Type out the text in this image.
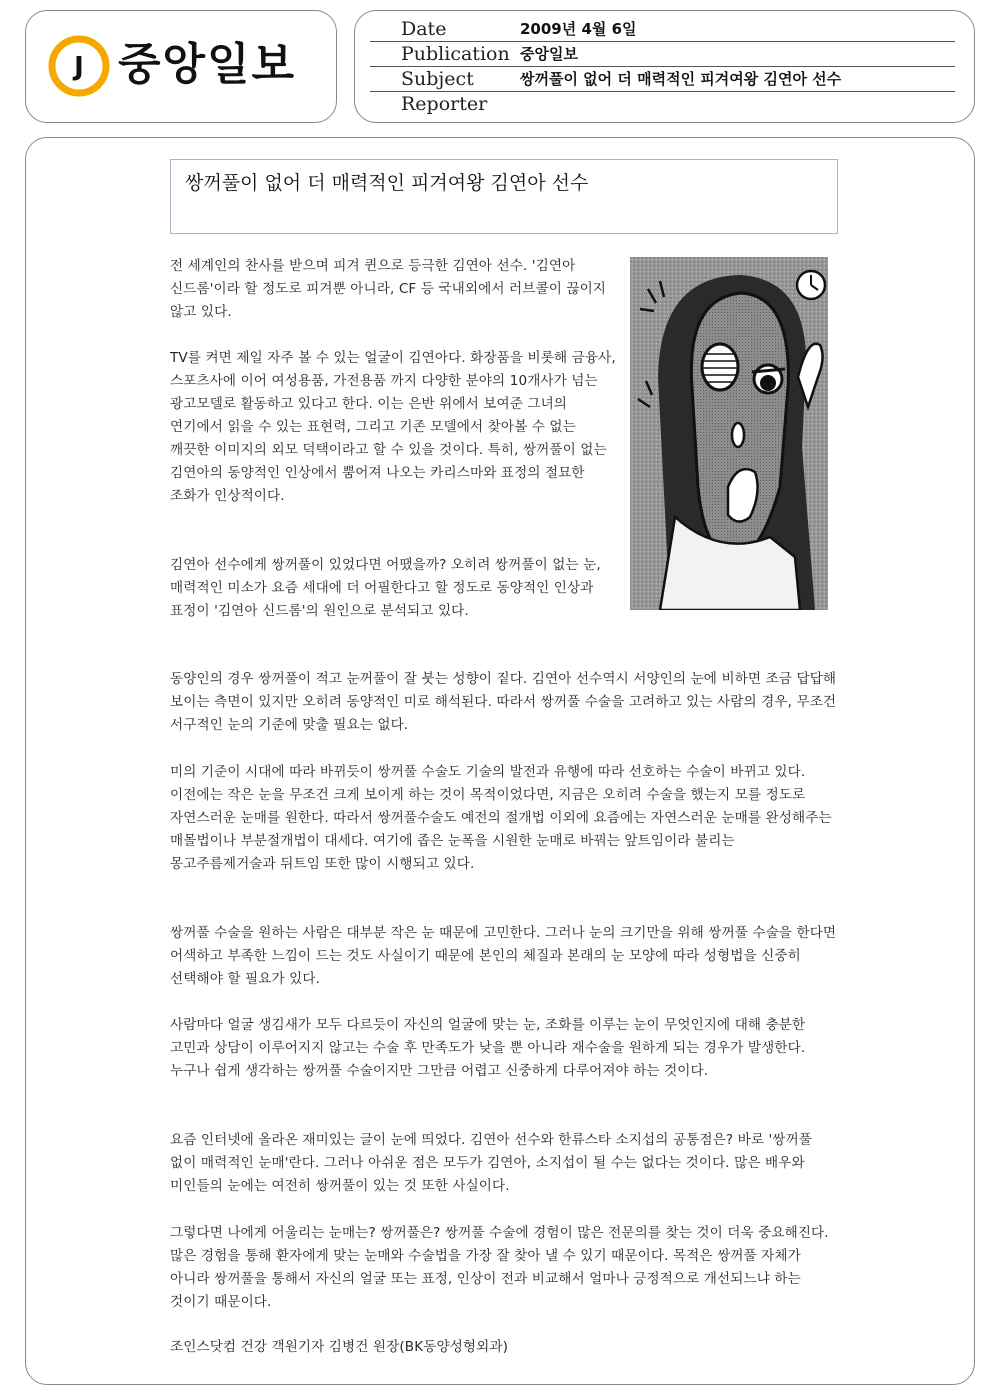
J 중앙일보
Date	2009년 4월 6일
Publication 중앙일보
Subject	쌍꺼풀이 없어 더 매력적인 피겨여왕 김연아 선수
Reporter
쌍꺼풀이 없어 더 매력적인 피겨여왕 김연아 선수

전 세계인의 찬사를 받으며 피겨 퀸으로 등극한 김연아 선수. '김연아 신드롬'이라 할 정도로 피겨뿐 아니라, CF 등 국내외에서 러브콜이 끊이지 않고 있다.

TV를 켜면 제일 자주 볼 수 있는 얼굴이 김연아다. 화장품을 비롯해 금융사, 스포츠사에 이어 여성용품, 가전용품 까지 다양한 분야의 10개사가 넘는 광고모델로 활동하고 있다고 한다. 이는 은반 위에서 보여준 그녀의 연기에서 읽을 수 있는 표현력, 그리고 기존 모델에서 찾아볼 수 없는 깨끗한 이미지의 외모 덕택이라고 할 수 있을 것이다. 특히, 쌍꺼풀이 없는 김연아의 동양적인 인상에서 뿜어져 나오는 카리스마와 표정의 절묘한 조화가 인상적이다.

김연아 선수에게 쌍꺼풀이 있었다면 어땠을까? 오히려 쌍꺼풀이 없는 눈, 매력적인 미소가 요즘 세대에 더 어필한다고 할 정도로 동양적인 인상과 표정이 '김연아 신드롬'의 원인으로 분석되고 있다.

동양인의 경우 쌍꺼풀이 적고 눈꺼풀이 잘 붓는 성향이 짙다. 김연아 선수역시 서양인의 눈에 비하면 조금 답답해 보이는 측면이 있지만 오히려 동양적인 미로 해석된다. 따라서 쌍꺼풀 수술을 고려하고 있는 사람의 경우, 무조건 서구적인 눈의 기준에 맞출 필요는 없다.

미의 기준이 시대에 따라 바뀌듯이 쌍꺼풀 수술도 기술의 발전과 유행에 따라 선호하는 수술이 바뀌고 있다. 이전에는 작은 눈을 무조건 크게 보이게 하는 것이 목적이었다면, 지금은 오히려 수술을 했는지 모를 정도로 자연스러운 눈매를 원한다. 따라서 쌍꺼풀수술도 예전의 절개법 이외에 요즘에는 자연스러운 눈매를 완성해주는 매몰법이나 부분절개법이 대세다. 여기에 좁은 눈폭을 시원한 눈매로 바꿔는 앞트임이라 불리는 몽고주름제거술과 뒤트임 또한 많이 시행되고 있다.

쌍꺼풀 수술을 원하는 사람은 대부분 작은 눈 때문에 고민한다. 그러나 눈의 크기만을 위해 쌍꺼풀 수술을 한다면 어색하고 부족한 느낌이 드는 것도 사실이기 때문에 본인의 체질과 본래의 눈 모양에 따라 성형법을 신중히 선택해야 할 필요가 있다.

사람마다 얼굴 생김새가 모두 다르듯이 자신의 얼굴에 맞는 눈, 조화를 이루는 눈이 무엇인지에 대해 충분한 고민과 상담이 이루어지지 않고는 수술 후 만족도가 낮을 뿐 아니라 재수술을 원하게 되는 경우가 발생한다. 누구나 쉽게 생각하는 쌍꺼풀 수술이지만 그만큼 어렵고 신중하게 다루어져야 하는 것이다.

요즘 인터넷에 올라온 재미있는 글이 눈에 띄었다. 김연아 선수와 한류스타 소지섭의 공통점은? 바로 '쌍꺼풀 없이 매력적인 눈매'란다. 그러나 아쉬운 점은 모두가 김연아, 소지섭이 될 수는 없다는 것이다. 많은 배우와 미인들의 눈에는 여전히 쌍꺼풀이 있는 것 또한 사실이다.

그렇다면 나에게 어울리는 눈매는? 쌍꺼풀은? 쌍꺼풀 수술에 경험이 많은 전문의를 찾는 것이 더욱 중요해진다. 많은 경험을 통해 환자에게 맞는 눈매와 수술법을 가장 잘 찾아 낼 수 있기 때문이다. 목적은 쌍꺼풀 자체가 아니라 쌍꺼풀을 통해서 자신의 얼굴 또는 표정, 인상이 전과 비교해서 얼마나 긍정적으로 개선되느냐 하는 것이기 때문이다.

조인스닷컴 건강 객원기자 김병건 원장(BK동양성형외과)
